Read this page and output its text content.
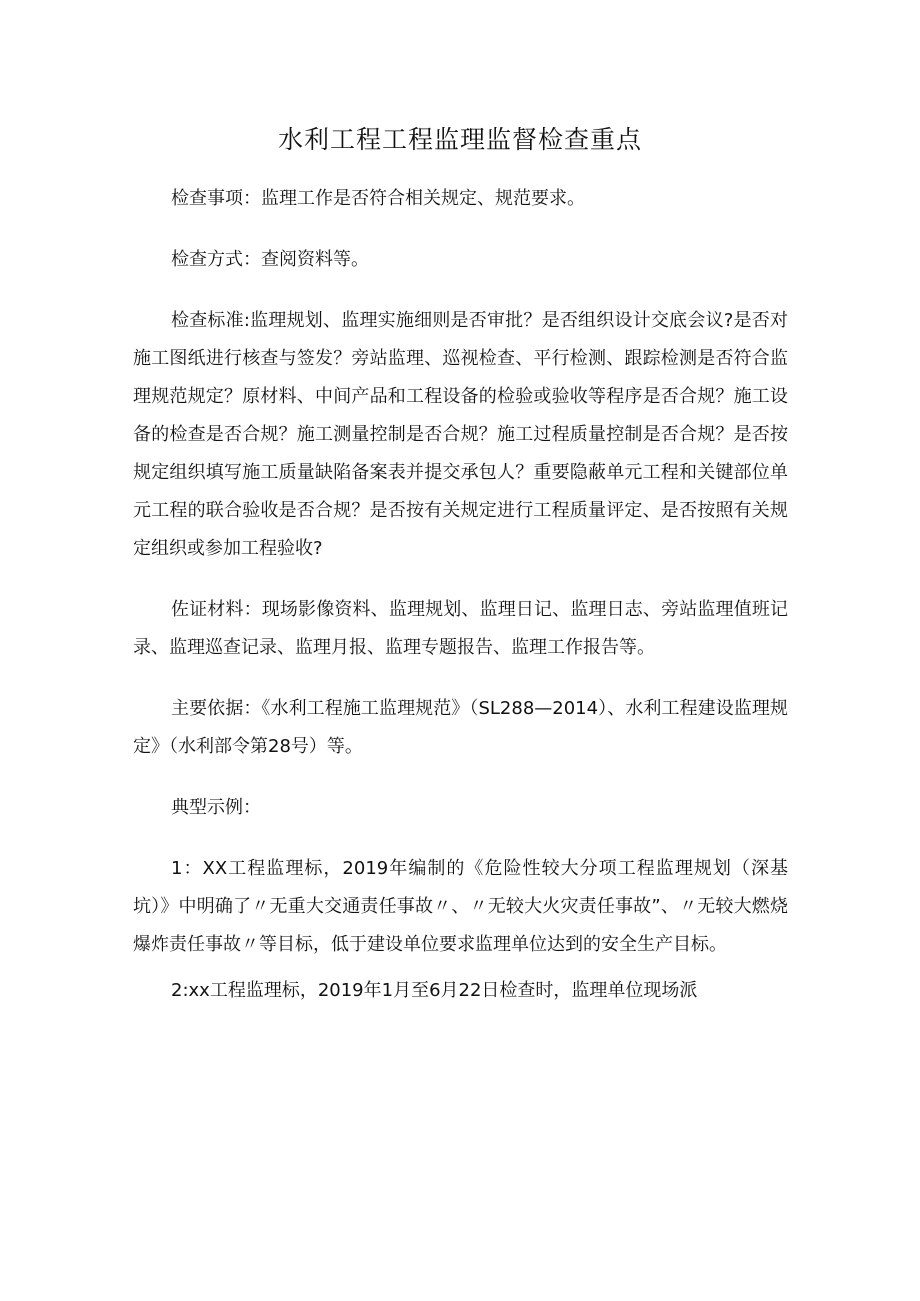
水利工程工程监理监督检查重点

检查事项：监理工作是否符合相关规定、规范要求。

检查方式：查阅资料等。

检查标准:监理规划、监理实施细则是否审批？是否组织设计交底会议?是否对施工图纸进行核查与签发？旁站监理、巡视检查、平行检测、跟踪检测是否符合监理规范规定？原材料、中间产品和工程设备的检验或验收等程序是否合规？施工设备的检查是否合规？施工测量控制是否合规？施工过程质量控制是否合规？是否按规定组织填写施工质量缺陷备案表并提交承包人？重要隐蔽单元工程和关键部位单元工程的联合验收是否合规？是否按有关规定进行工程质量评定、是否按照有关规定组织或参加工程验收?

佐证材料：现场影像资料、监理规划、监理日记、监理日志、旁站监理值班记录、监理巡查记录、监理月报、监理专题报告、监理工作报告等。

主要依据：《水利工程施工监理规范》（SL288—2014）、水利工程建设监理规定》（水利部令第28号）等。

典型示例：

1：XX工程监理标，2019年编制的《危险性较大分项工程监理规划（深基坑）》中明确了〃无重大交通责任事故〃、〃无较大火灾责任事故”、〃无较大燃烧爆炸责任事故〃等目标，低于建设单位要求监理单位达到的安全生产目标。

2:xx工程监理标，2019年1月至6月22日检查时，监理单位现场派
